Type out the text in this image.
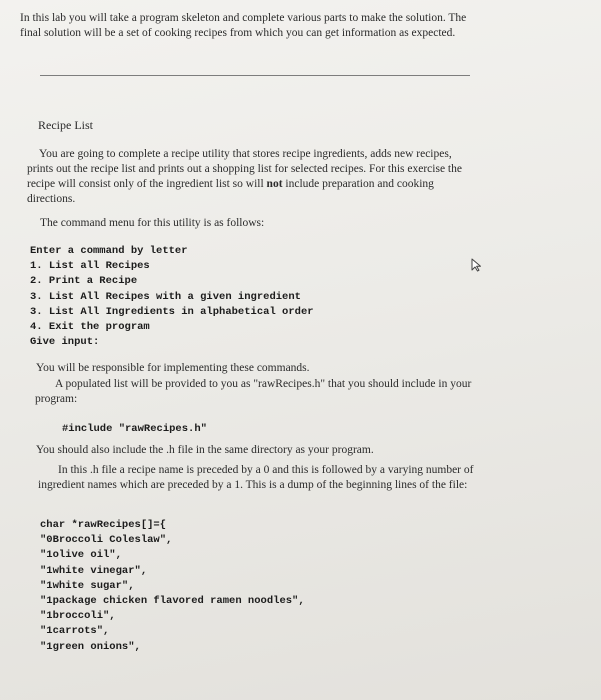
In this lab you will take a program skeleton and complete various parts to make the solution. The final solution will be a set of cooking recipes from which you can get information as expected.
Recipe List
You are going to complete a recipe utility that stores recipe ingredients, adds new recipes, prints out the recipe list and prints out a shopping list for selected recipes. For this exercise the recipe will consist only of the ingredient list so will not include preparation and cooking directions.
The command menu for this utility is as follows:
Enter a command by letter
1. List all Recipes
2. Print a Recipe
3. List All Recipes with a given ingredient
3. List All Ingredients in alphabetical order
4. Exit the program
Give input:
You will be responsible for implementing these commands.
A populated list will be provided to you as "rawRecipes.h" that you should include in your program:
#include "rawRecipes.h"
You should also include the .h file in the same directory as your program.
In this .h file a recipe name is preceded by a 0 and this is followed by a varying number of ingredient names which are preceded by a 1. This is a dump of the beginning lines of the file:
char *rawRecipes[]={
"0Broccoli Coleslaw",
"1olive oil",
"1white vinegar",
"1white sugar",
"1package chicken flavored ramen noodles",
"1broccoli",
"1carrots",
"1green onions",
